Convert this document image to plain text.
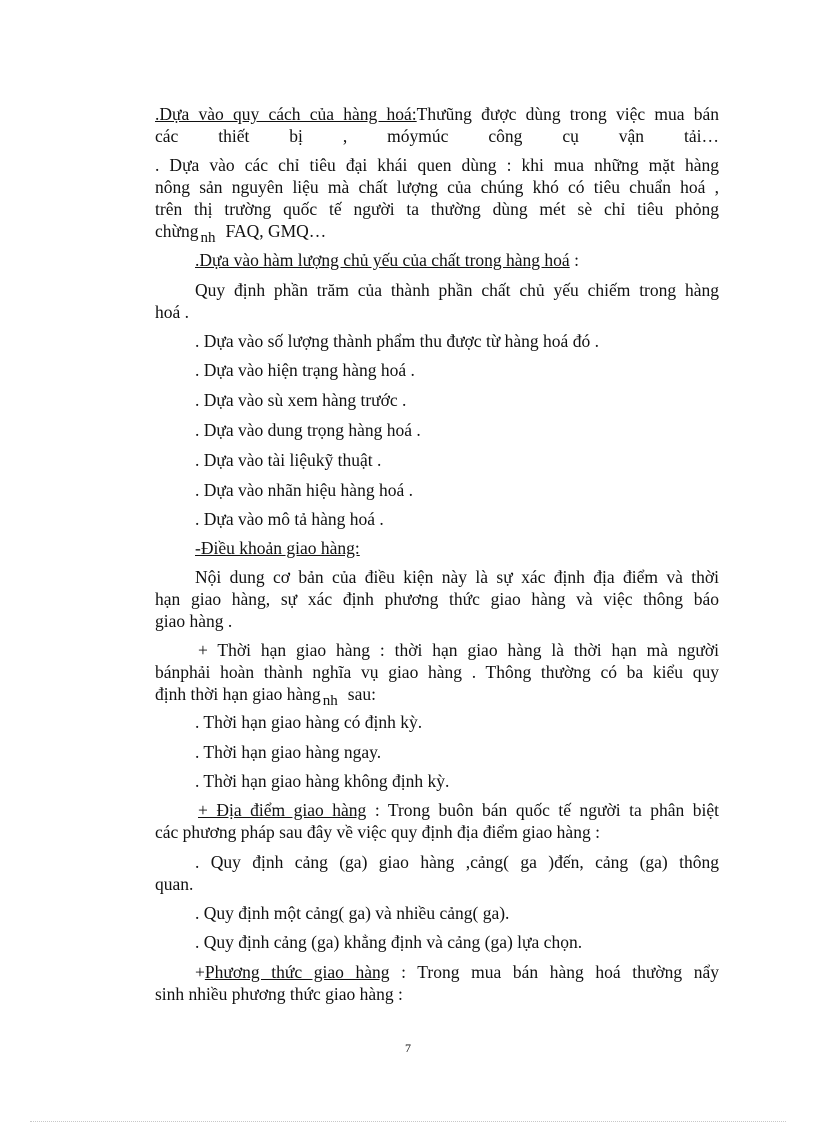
.Dựa vào quy cách của hàng hoá:Thưũng được dùng trong việc mua bán
các thiết bị , móymúc công cụ vận tải…
. Dựa vào các chỉ tiêu đại khái quen dùng : khi mua những mặt hàng
nông sản nguyên liệu mà chất lượng của chúng khó có tiêu chuẩn hoá ,
trên thị trường quốc tế người ta thường dùng mét sè chỉ tiêu phỏng
chừng nh FAQ, GMQ…
.Dựa vào hàm lượng chủ yếu của chất trong hàng hoá :
Quy định phần trăm của thành phần chất chủ yếu chiếm trong hàng
hoá .
. Dựa vào số lượng thành phẩm thu được từ hàng hoá đó .
. Dựa vào hiện trạng hàng hoá .
. Dựa vào sù xem hàng trước .
. Dựa vào dung trọng hàng hoá .
. Dựa vào tài liệukỹ thuật .
. Dựa vào nhãn hiệu hàng hoá .
. Dựa vào mô tả hàng hoá .
-Điều khoản giao hàng:
Nội dung cơ bản của điều kiện này là sự xác định địa điểm và thời
hạn giao hàng, sự xác định phương thức giao hàng và việc thông báo
giao hàng .
+ Thời hạn giao hàng : thời hạn giao hàng là thời hạn mà người
bánphải hoàn thành nghĩa vụ giao hàng . Thông thường có ba kiểu quy
định thời hạn giao hàng nh sau:
. Thời hạn giao hàng có định kỳ.
. Thời hạn giao hàng ngay.
. Thời hạn giao hàng không định kỳ.
+ Địa điểm giao hàng : Trong buôn bán quốc tế người ta phân biệt
các phương pháp sau đây về việc quy định địa điểm giao hàng :
. Quy định cảng (ga) giao hàng ,cảng( ga )đến, cảng (ga) thông
quan.
. Quy định một cảng( ga) và nhiều cảng( ga).
. Quy định cảng (ga) khẳng định và cảng (ga) lựa chọn.
+Phương thức giao hàng : Trong mua bán hàng hoá thường nẩy
sinh nhiều phương thức giao hàng :
7
